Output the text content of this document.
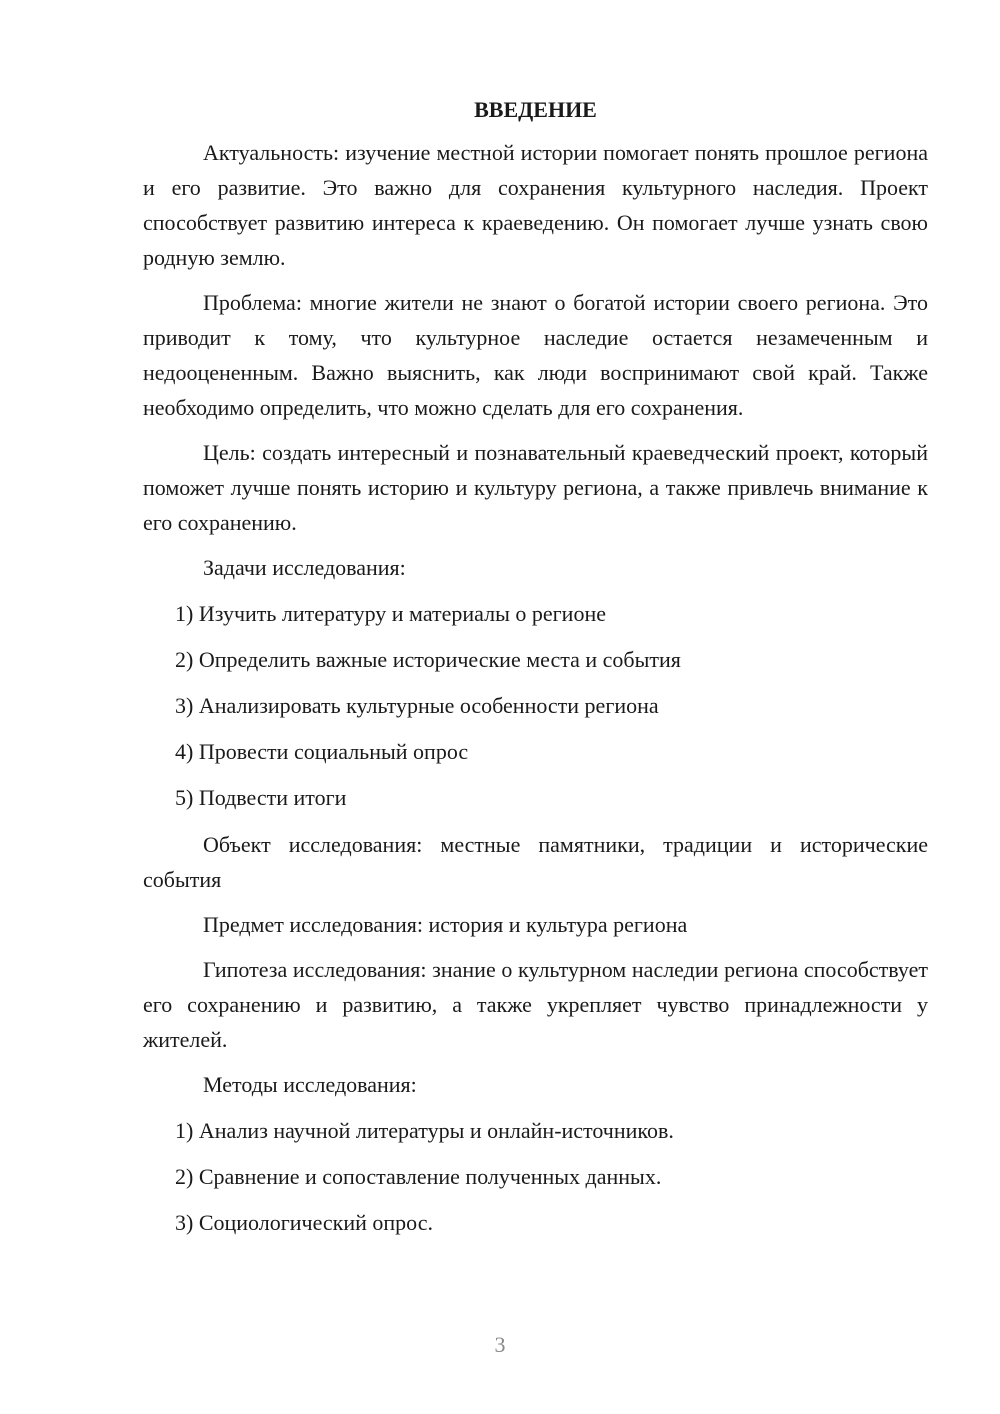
ВВЕДЕНИЕ

Актуальность: изучение местной истории помогает понять прошлое региона и его развитие. Это важно для сохранения культурного наследия. Проект способствует развитию интереса к краеведению. Он помогает лучше узнать свою родную землю.

Проблема: многие жители не знают о богатой истории своего региона. Это приводит к тому, что культурное наследие остается незамеченным и недооцененным. Важно выяснить, как люди воспринимают свой край. Также необходимо определить, что можно сделать для его сохранения.

Цель: создать интересный и познавательный краеведческий проект, который поможет лучше понять историю и культуру региона, а также привлечь внимание к его сохранению.

Задачи исследования:

1) Изучить литературу и материалы о регионе
2) Определить важные исторические места и события
3) Анализировать культурные особенности региона
4) Провести социальный опрос
5) Подвести итоги

Объект исследования: местные памятники, традиции и исторические события

Предмет исследования: история и культура региона

Гипотеза исследования: знание о культурном наследии региона способствует его сохранению и развитию, а также укрепляет чувство принадлежности у жителей.

Методы исследования:

1) Анализ научной литературы и онлайн-источников.
2) Сравнение и сопоставление полученных данных.
3) Социологический опрос.
3
